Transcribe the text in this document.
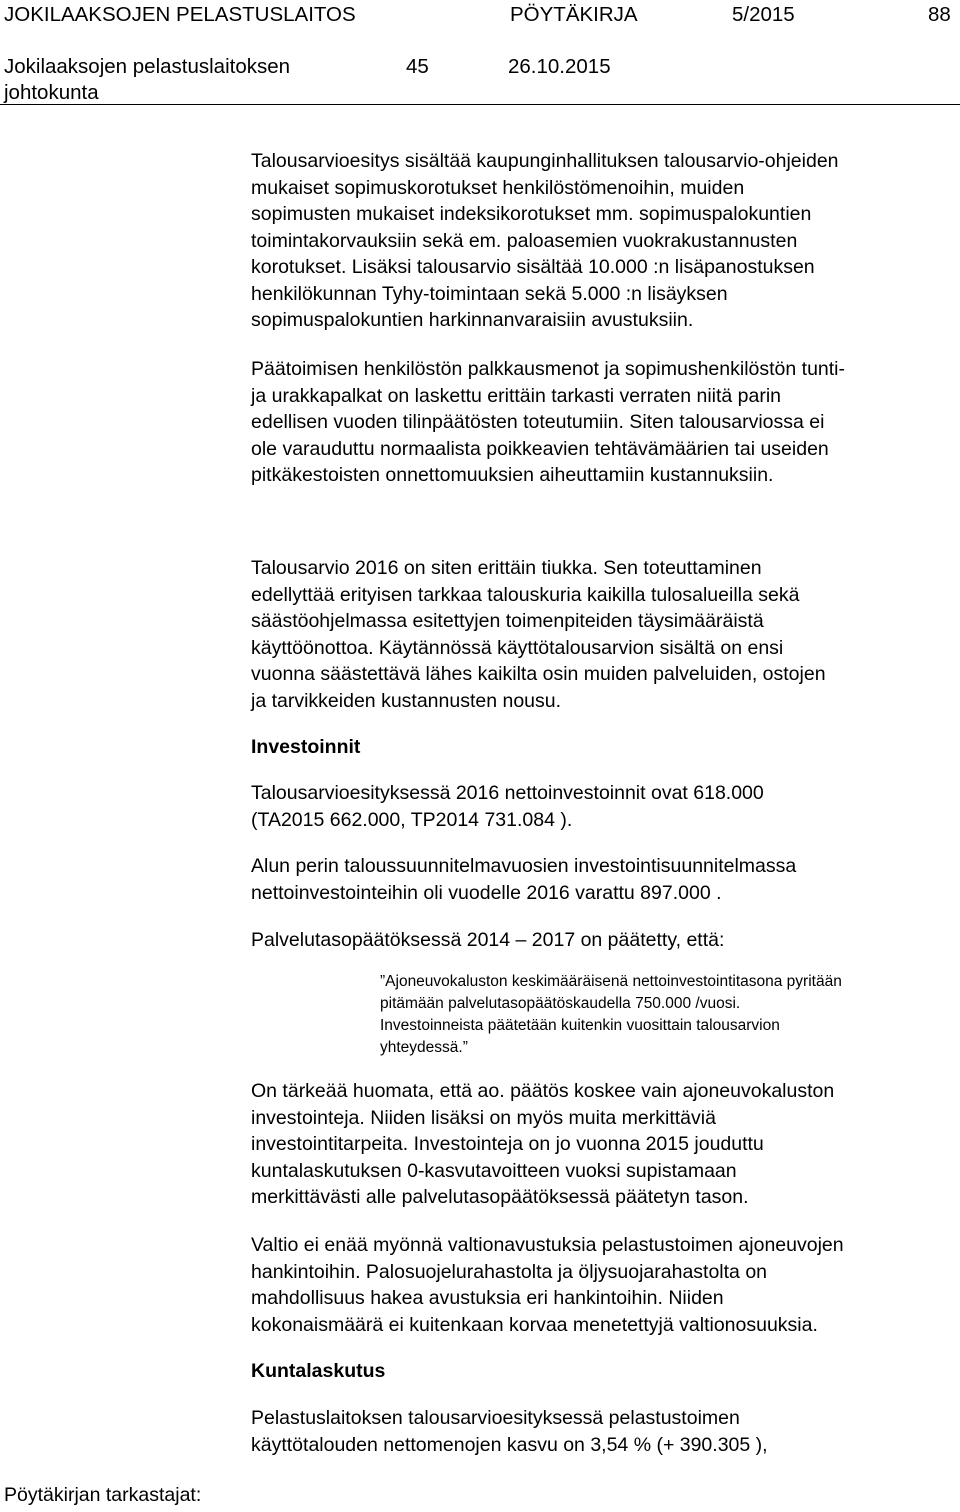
JOKILAAKSOJEN PELASTUSLAITOS	PÖYTÄKIRJA	5/2015	88
Jokilaaksojen pelastuslaitoksen
johtokunta
45	26.10.2015
Talousarvioesitys sisältää kaupunginhallituksen talousarvio-ohjeiden
mukaiset sopimuskorotukset henkilöstömenoihin, muiden
sopimusten mukaiset indeksikorotukset mm. sopimuspalokuntien
toimintakorvauksiin sekä em. paloasemien vuokrakustannusten
korotukset. Lisäksi talousarvio sisältää 10.000 :n lisäpanostuksen
henkilökunnan Tyhy-toimintaan sekä 5.000 :n lisäyksen
sopimuspalokuntien harkinnanvaraisiin avustuksiin.
Päätoimisen henkilöstön palkkausmenot ja sopimushenkilöstön tunti-
ja urakkapalkat on laskettu erittäin tarkasti verraten niitä parin
edellisen vuoden tilinpäätösten toteutumiin. Siten talousarviossa ei
ole varauduttu normaalista poikkeavien tehtävämäärien tai useiden
pitkäkestoisten onnettomuuksien aiheuttamiin kustannuksiin.
Talousarvio 2016 on siten erittäin tiukka. Sen toteuttaminen
edellyttää erityisen tarkkaa talouskuria kaikilla tulosalueilla sekä
säästöohjelmassa esitettyjen toimenpiteiden täysimääräistä
käyttöönottoa. Käytännössä käyttötalousarvion sisältä on ensi
vuonna säästettävä lähes kaikilta osin muiden palveluiden, ostojen
ja tarvikkeiden kustannusten nousu.
Investoinnit
Talousarvioesityksessä 2016 nettoinvestoinnit ovat 618.000
(TA2015 662.000, TP2014 731.084 ).
Alun perin taloussuunnitelmavuosien investointisuunnitelmassa
nettoinvestointeihin oli vuodelle 2016 varattu 897.000 .
Palvelutasopäätöksessä 2014 – 2017 on päätetty, että:
”Ajoneuvokaluston keskimääräisenä nettoinvestointitasona pyritään
pitämään palvelutasopäätöskaudella 750.000 /vuosi.
Investoinneista päätetään kuitenkin vuosittain talousarvion
yhteydessä.”
On tärkeää huomata, että ao. päätös koskee vain ajoneuvokaluston
investointeja. Niiden lisäksi on myös muita merkittäviä
investointitarpeita. Investointeja on jo vuonna 2015 jouduttu
kuntalaskutuksen 0-kasvutavoitteen vuoksi supistamaan
merkittävästi alle palvelutasopäätöksessä päätetyn tason.
Valtio ei enää myönnä valtionavustuksia pelastustoimen ajoneuvojen
hankintoihin. Palosuojelurahastolta ja öljysuojarahastolta on
mahdollisuus hakea avustuksia eri hankintoihin. Niiden
kokonaismäärä ei kuitenkaan korvaa menetettyjä valtionosuuksia.
Kuntalaskutus
Pelastuslaitoksen talousarvioesityksessä pelastustoimen
käyttötalouden nettomenojen kasvu on 3,54 % (+ 390.305 ),
Pöytäkirjan tarkastajat:
